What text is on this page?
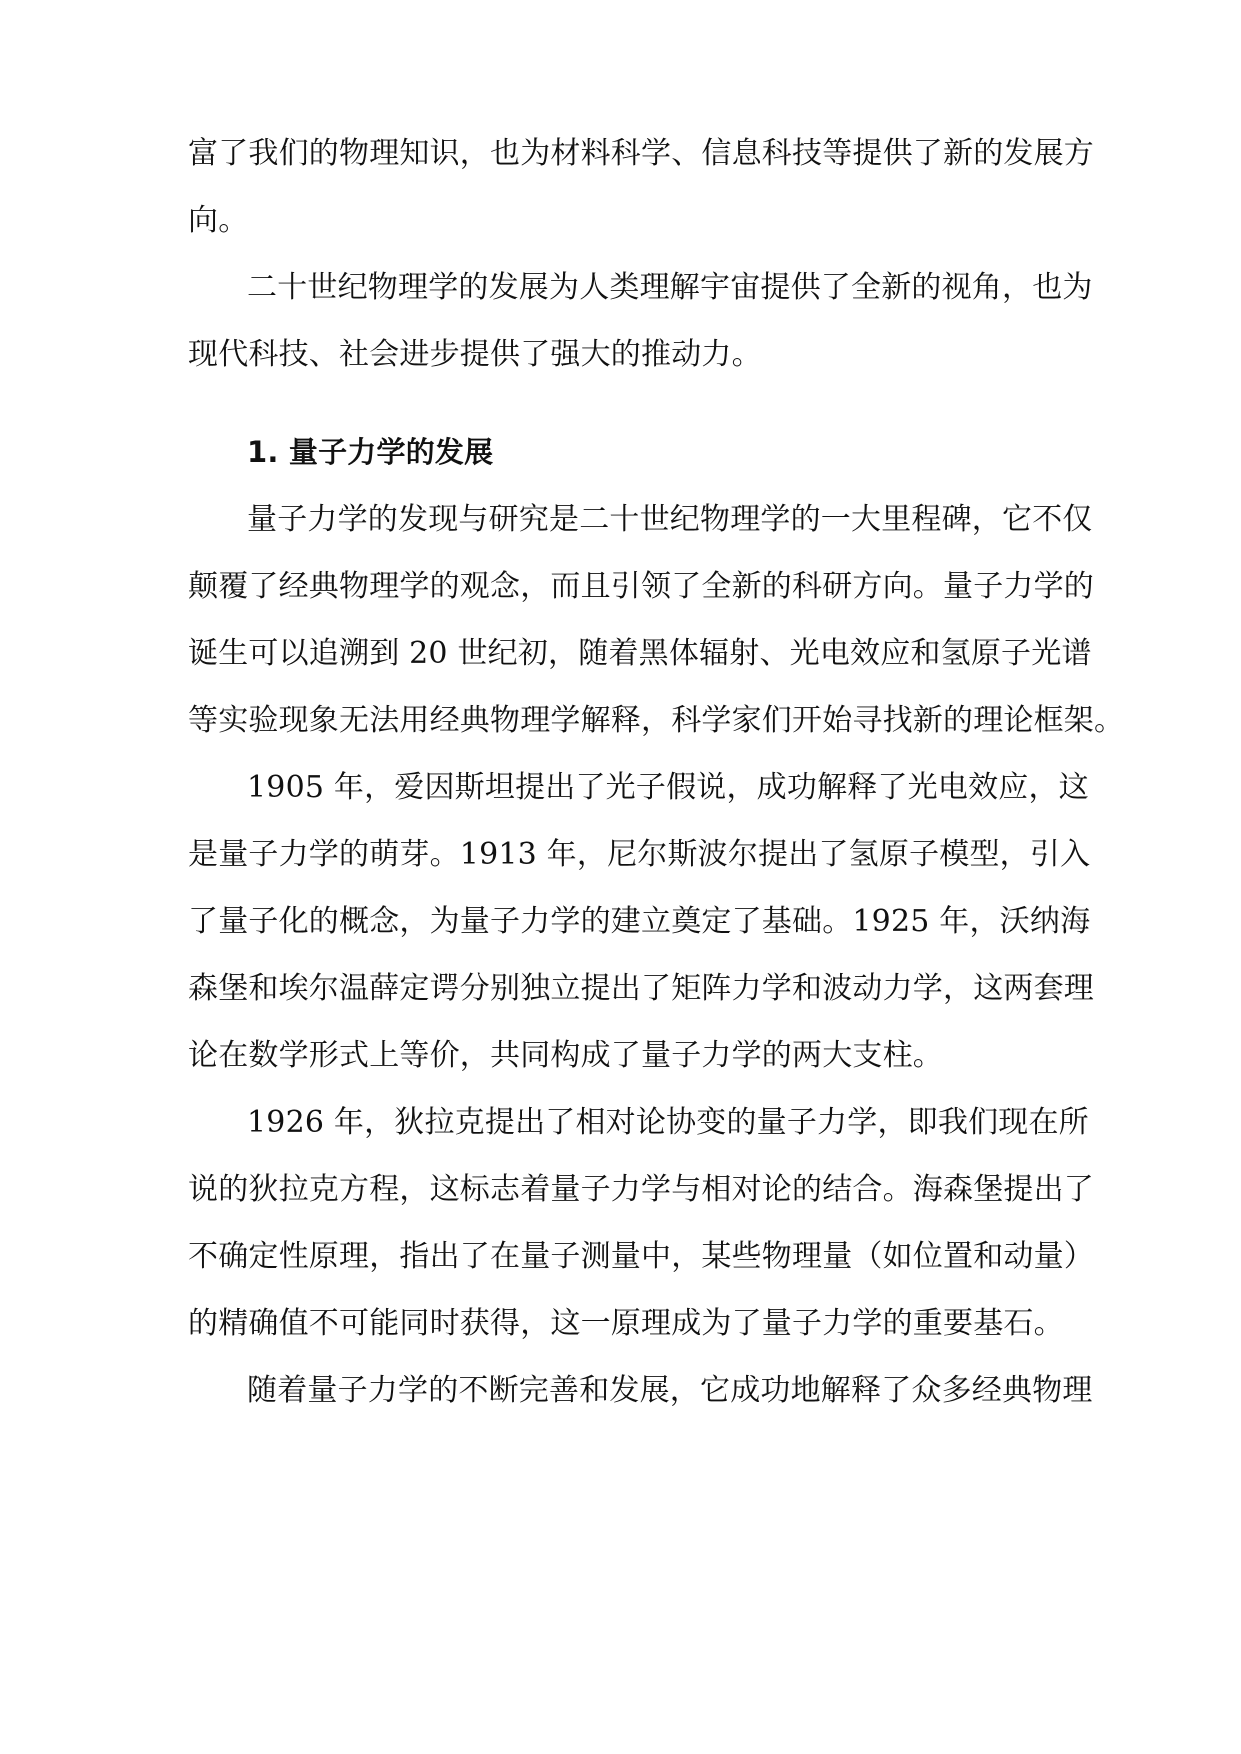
富了我们的物理知识，也为材料科学、信息科技等提供了新的发展方
向。
二十世纪物理学的发展为人类理解宇宙提供了全新的视角，也为
现代科技、社会进步提供了强大的推动力。
1. 量子力学的发展
量子力学的发现与研究是二十世纪物理学的一大里程碑，它不仅
颠覆了经典物理学的观念，而且引领了全新的科研方向。量子力学的
诞生可以追溯到 20 世纪初，随着黑体辐射、光电效应和氢原子光谱
等实验现象无法用经典物理学解释，科学家们开始寻找新的理论框架。
1905 年，爱因斯坦提出了光子假说，成功解释了光电效应，这
是量子力学的萌芽。1913 年，尼尔斯波尔提出了氢原子模型，引入
了量子化的概念，为量子力学的建立奠定了基础。1925 年，沃纳海
森堡和埃尔温薛定谔分别独立提出了矩阵力学和波动力学，这两套理
论在数学形式上等价，共同构成了量子力学的两大支柱。
1926 年，狄拉克提出了相对论协变的量子力学，即我们现在所
说的狄拉克方程，这标志着量子力学与相对论的结合。海森堡提出了
不确定性原理，指出了在量子测量中，某些物理量（如位置和动量）
的精确值不可能同时获得，这一原理成为了量子力学的重要基石。
随着量子力学的不断完善和发展，它成功地解释了众多经典物理
